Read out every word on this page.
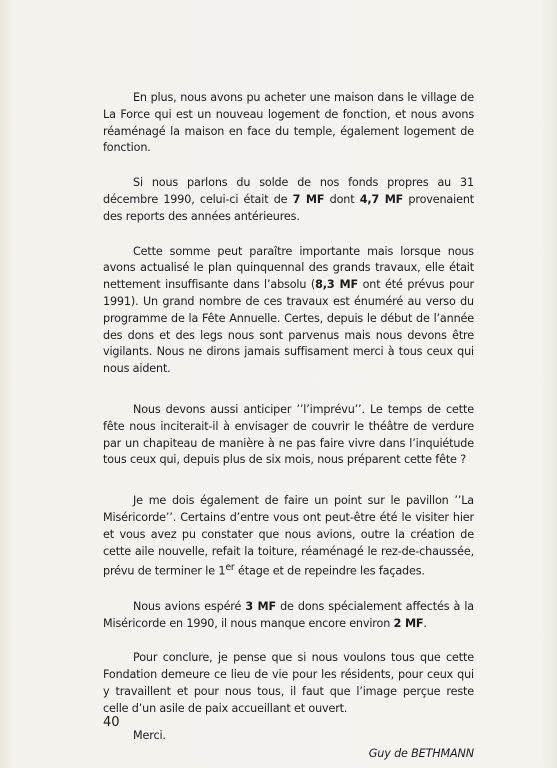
En plus, nous avons pu acheter une maison dans le village de La Force qui est un nouveau logement de fonction, et nous avons réaménagé la maison en face du temple, également logement de fonction.

Si nous parlons du solde de nos fonds propres au 31 décembre 1990, celui-ci était de 7 MF dont 4,7 MF provenaient des reports des années antérieures.

Cette somme peut paraître importante mais lorsque nous avons actualisé le plan quinquennal des grands travaux, elle était nettement insuffisante dans l’absolu (8,3 MF ont été prévus pour 1991). Un grand nombre de ces travaux est énuméré au verso du programme de la Fête Annuelle. Certes, depuis le début de l’année des dons et des legs nous sont parvenus mais nous devons être vigilants. Nous ne dirons jamais suffisament merci à tous ceux qui nous aident.

Nous devons aussi anticiper ’’l’imprévu’’. Le temps de cette fête nous inciterait-il à envisager de couvrir le théâtre de verdure par un chapiteau de manière à ne pas faire vivre dans l’inquiétude tous ceux qui, depuis plus de six mois, nous préparent cette fête ?

Je me dois également de faire un point sur le pavillon ’’La Miséricorde’’. Certains d’entre vous ont peut-être été le visiter hier et vous avez pu constater que nous avions, outre la création de cette aile nouvelle, refait la toiture, réaménagé le rez-de-chaussée, prévu de terminer le 1er étage et de repeindre les façades.

Nous avions espéré 3 MF de dons spécialement affectés à la Miséricorde en 1990, il nous manque encore environ 2 MF.

Pour conclure, je pense que si nous voulons tous que cette Fondation demeure ce lieu de vie pour les résidents, pour ceux qui y travaillent et pour nous tous, il faut que l’image perçue reste celle d’un asile de paix accueillant et ouvert.

Merci.

Guy de BETHMANN

40
